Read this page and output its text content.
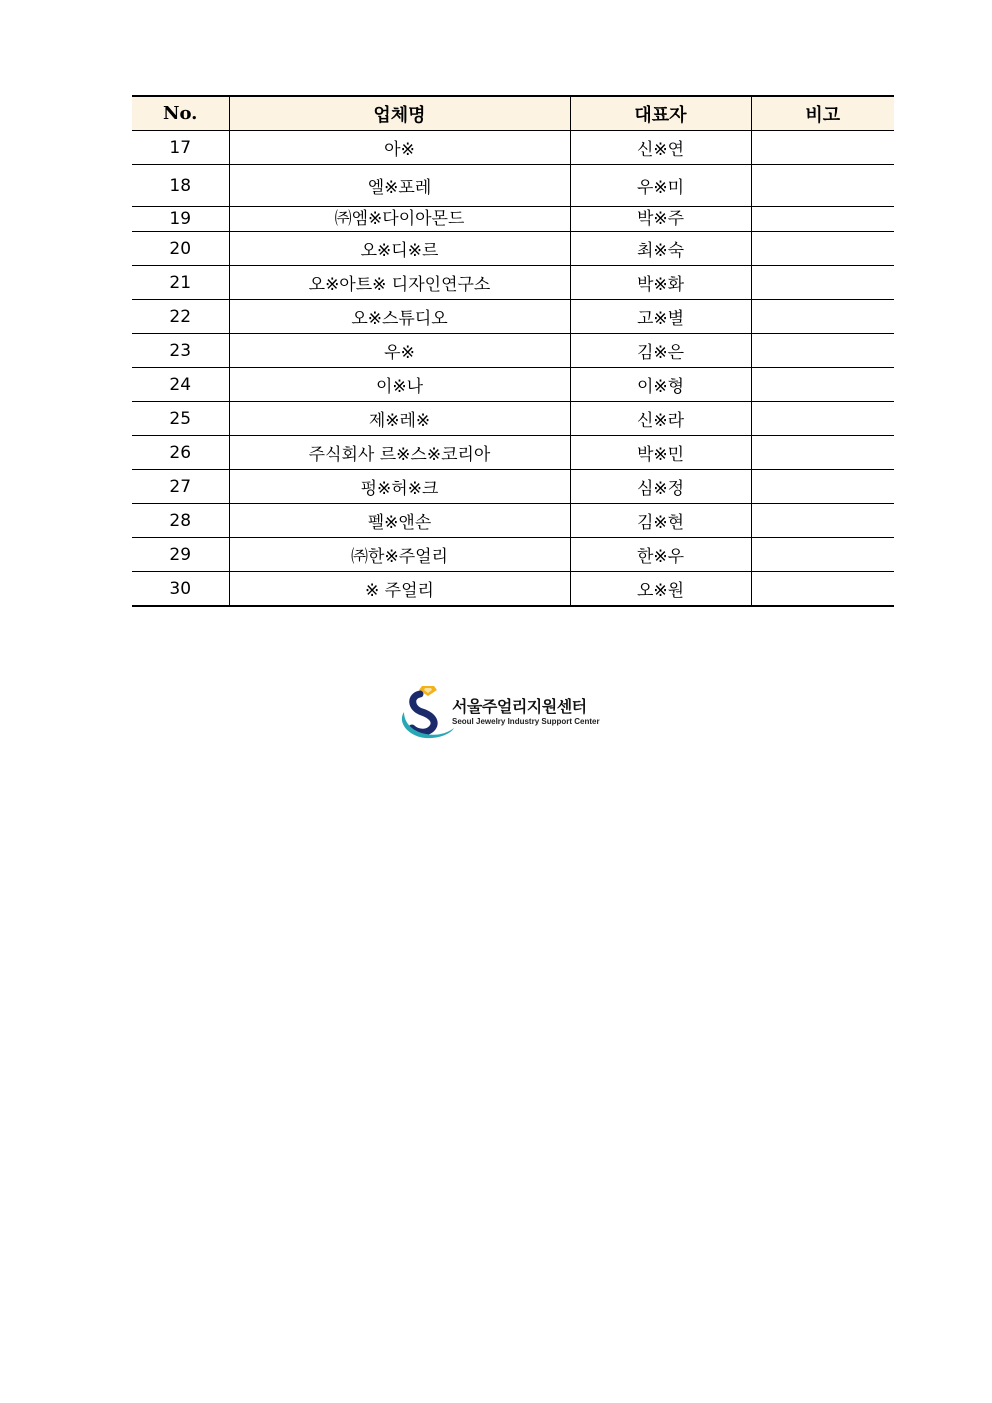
No.	업체명	대표자	비고
17	아※	신※연	
18	엘※포레	우※미	
19	㈜엠※다이아몬드	박※주	
20	오※디※르	최※숙	
21	오※아트※ 디자인연구소	박※화	
22	오※스튜디오	고※별	
23	우※	김※은	
24	이※나	이※형	
25	제※레※	신※라	
26	주식회사 르※스※코리아	박※민	
27	펑※허※크	심※정	
28	펠※앤손	김※현	
29	㈜한※주얼리	한※우	
30	※ 주얼리	오※원	
서울주얼리지원센터
Seoul Jewelry Industry Support Center
